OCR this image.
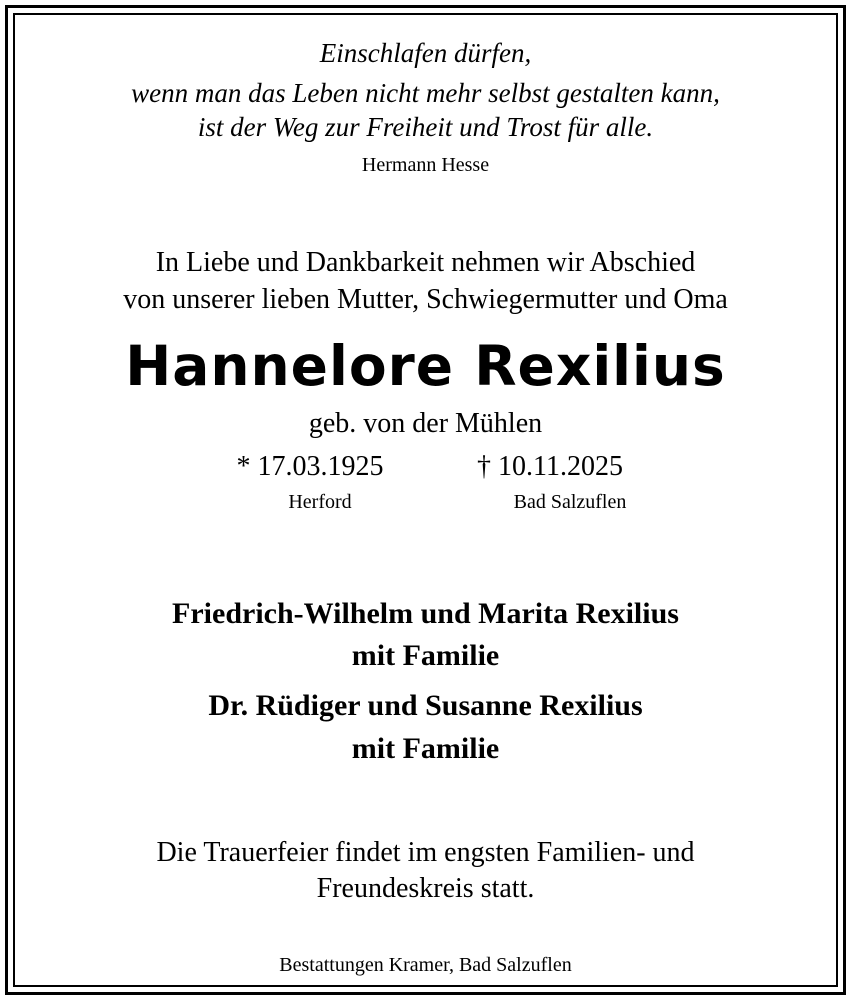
Einschlafen dürfen,
wenn man das Leben nicht mehr selbst gestalten kann,
ist der Weg zur Freiheit und Trost für alle.
Hermann Hesse
In Liebe und Dankbarkeit nehmen wir Abschied
von unserer lieben Mutter, Schwiegermutter und Oma
Hannelore Rexilius
geb. von der Mühlen
* 17.03.1925	† 10.11.2025
Herford	Bad Salzuflen
Friedrich-Wilhelm und Marita Rexilius
mit Familie
Dr. Rüdiger und Susanne Rexilius
mit Familie
Die Trauerfeier findet im engsten Familien- und
Freundeskreis statt.
Bestattungen Kramer, Bad Salzuflen
